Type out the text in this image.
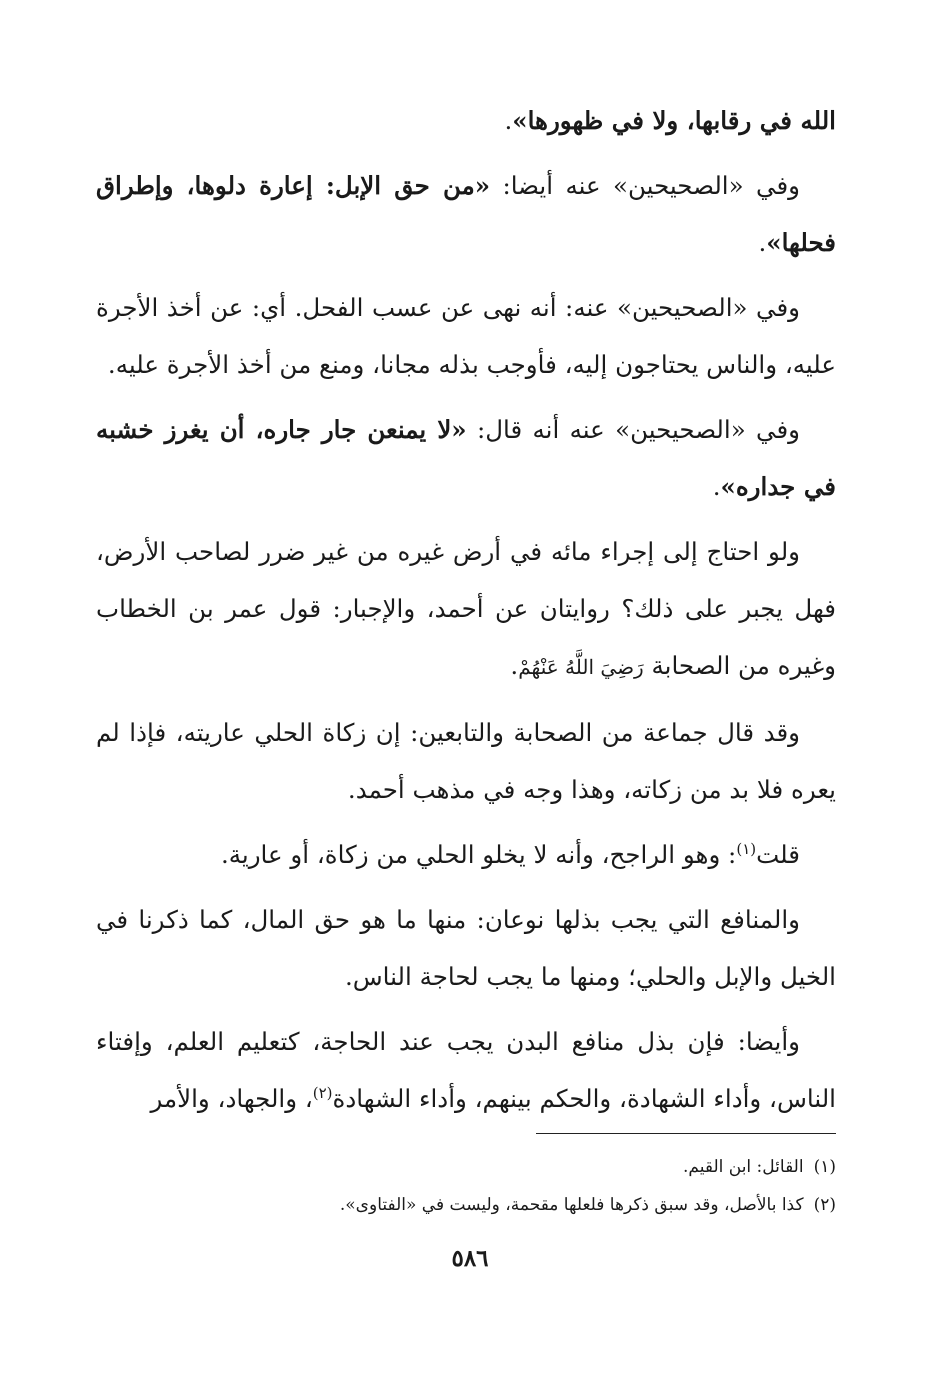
الله في رقابها، ولا في ظهورها».

وفي «الصحيحين» عنه أيضا: «من حق الإبل: إعارة دلوها، وإطراق فحلها».

وفي «الصحيحين» عنه: أنه نهى عن عسب الفحل. أي: عن أخذ الأجرة عليه، والناس يحتاجون إليه، فأوجب بذله مجانا، ومنع من أخذ الأجرة عليه.

وفي «الصحيحين» عنه أنه قال: «لا يمنعن جار جاره، أن يغرز خشبه في جداره».

ولو احتاج إلى إجراء مائه في أرض غيره من غير ضرر لصاحب الأرض، فهل يجبر على ذلك؟ روايتان عن أحمد، والإجبار: قول عمر بن الخطاب وغيره من الصحابة رَضِيَ اللَّهُ عَنْهُمْ.

وقد قال جماعة من الصحابة والتابعين: إن زكاة الحلي عاريته، فإذا لم يعره فلا بد من زكاته، وهذا وجه في مذهب أحمد.

قلت$^{(١)}$: وهو الراجح، وأنه لا يخلو الحلي من زكاة، أو عارية.

والمنافع التي يجب بذلها نوعان: منها ما هو حق المال، كما ذكرنا في الخيل والإبل والحلي؛ ومنها ما يجب لحاجة الناس.

وأيضا: فإن بذل منافع البدن يجب عند الحاجة، كتعليم العلم، وإفتاء الناس، وأداء الشهادة، والحكم بينهم، وأداء الشهادة$^{(٢)}$، والجهاد، والأمر

(١)القائل: ابن القيم.

(٢)كذا بالأصل، وقد سبق ذكرها فلعلها مقحمة، وليست في «الفتاوى».

٥٨٦
